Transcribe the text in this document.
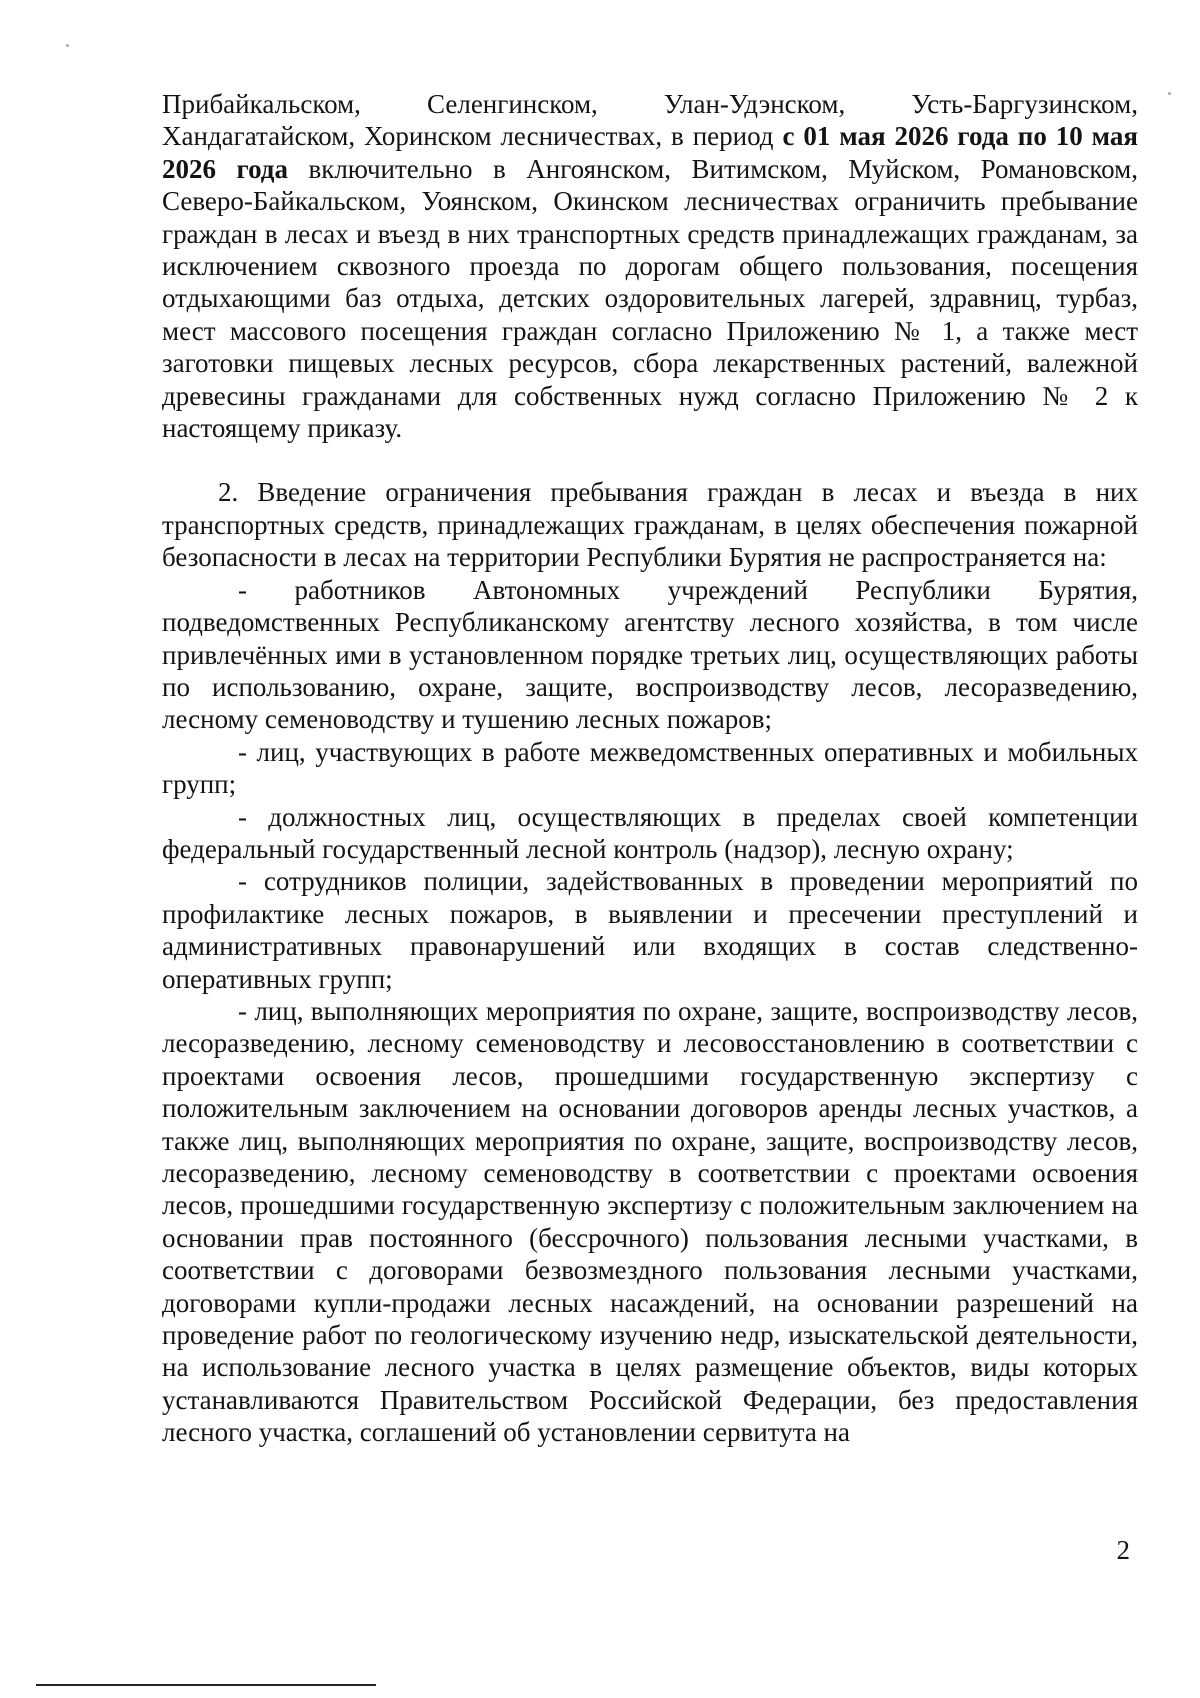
Прибайкальском, Селенгинском, Улан-Удэнском, Усть-Баргузинском, Хандагатайском, Хоринском лесничествах, в период с 01 мая 2026 года по 10 мая 2026 года включительно в Ангоянском, Витимском, Муйском, Романовском, Северо-Байкальском, Уоянском, Окинском лесничествах ограничить пребывание граждан в лесах и въезд в них транспортных средств принадлежащих гражданам, за исключением сквозного проезда по дорогам общего пользования, посещения отдыхающими баз отдыха, детских оздоровительных лагерей, здравниц, турбаз, мест массового посещения граждан согласно Приложению № 1, а также мест заготовки пищевых лесных ресурсов, сбора лекарственных растений, валежной древесины гражданами для собственных нужд согласно Приложению № 2 к настоящему приказу.

2. Введение ограничения пребывания граждан в лесах и въезда в них транспортных средств, принадлежащих гражданам, в целях обеспечения пожарной безопасности в лесах на территории Республики Бурятия не распространяется на:

- работников Автономных учреждений Республики Бурятия, подведомственных Республиканскому агентству лесного хозяйства, в том числе привлечённых ими в установленном порядке третьих лиц, осуществляющих работы по использованию, охране, защите, воспроизводству лесов, лесоразведению, лесному семеноводству и тушению лесных пожаров;

- лиц, участвующих в работе межведомственных оперативных и мобильных групп;

- должностных лиц, осуществляющих в пределах своей компетенции федеральный государственный лесной контроль (надзор), лесную охрану;

- сотрудников полиции, задействованных в проведении мероприятий по профилактике лесных пожаров, в выявлении и пресечении преступлений и административных правонарушений или входящих в состав следственно-оперативных групп;

- лиц, выполняющих мероприятия по охране, защите, воспроизводству лесов, лесоразведению, лесному семеноводству и лесовосстановлению в соответствии с проектами освоения лесов, прошедшими государственную экспертизу с положительным заключением на основании договоров аренды лесных участков, а также лиц, выполняющих мероприятия по охране, защите, воспроизводству лесов, лесоразведению, лесному семеноводству в соответствии с проектами освоения лесов, прошедшими государственную экспертизу с положительным заключением на основании прав постоянного (бессрочного) пользования лесными участками, в соответствии с договорами безвозмездного пользования лесными участками, договорами купли-продажи лесных насаждений, на основании разрешений на проведение работ по геологическому изучению недр, изыскательской деятельности, на использование лесного участка в целях размещение объектов, виды которых устанавливаются Правительством Российской Федерации, без предоставления лесного участка, соглашений об установлении сервитута на

2
